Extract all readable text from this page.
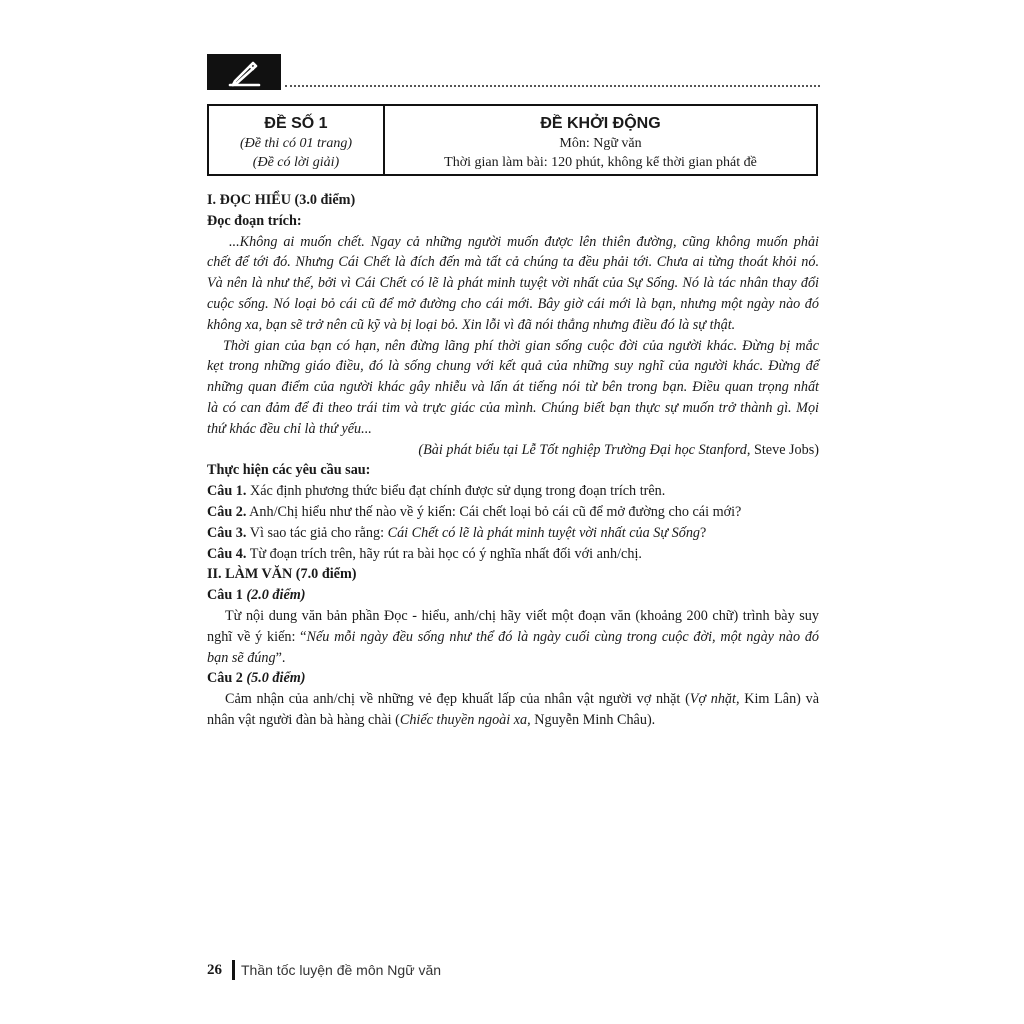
ĐỀ SỐ 1
(Đề thi có 01 trang)
(Đề có lời giải)
ĐỀ KHỞI ĐỘNG
Môn: Ngữ văn
Thời gian làm bài: 120 phút, không kể thời gian phát đề
I. ĐỌC HIỂU (3.0 điểm)
Đọc đoạn trích:
...Không ai muốn chết. Ngay cả những người muốn được lên thiên đường, cũng không muốn phải
chết để tới đó. Nhưng Cái Chết là đích đến mà tất cả chúng ta đều phải tới. Chưa ai từng thoát khỏi nó.
Và nên là như thế, bởi vì Cái Chết có lẽ là phát minh tuyệt vời nhất của Sự Sống. Nó là tác nhân thay đổi
cuộc sống. Nó loại bỏ cái cũ để mở đường cho cái mới. Bây giờ cái mới là bạn, nhưng một ngày nào đó
không xa, bạn sẽ trở nên cũ kỹ và bị loại bỏ. Xin lỗi vì đã nói thẳng nhưng điều đó là sự thật.
Thời gian của bạn có hạn, nên đừng lãng phí thời gian sống cuộc đời của người khác. Đừng bị mắc
kẹt trong những giáo điều, đó là sống chung với kết quả của những suy nghĩ của người khác. Đừng để
những quan điểm của người khác gây nhiễu và lấn át tiếng nói từ bên trong bạn. Điều quan trọng nhất
là có can đảm để đi theo trái tim và trực giác của mình. Chúng biết bạn thực sự muốn trở thành gì. Mọi
thứ khác đều chỉ là thứ yếu...
(Bài phát biểu tại Lễ Tốt nghiệp Trường Đại học Stanford, Steve Jobs)
Thực hiện các yêu cầu sau:
Câu 1. Xác định phương thức biểu đạt chính được sử dụng trong đoạn trích trên.
Câu 2. Anh/Chị hiểu như thế nào về ý kiến: Cái chết loại bỏ cái cũ để mở đường cho cái mới?
Câu 3. Vì sao tác giả cho rằng: Cái Chết có lẽ là phát minh tuyệt vời nhất của Sự Sống?
Câu 4. Từ đoạn trích trên, hãy rút ra bài học có ý nghĩa nhất đối với anh/chị.
II. LÀM VĂN (7.0 điểm)
Câu 1 (2.0 điểm)
Từ nội dung văn bản phần Đọc - hiểu, anh/chị hãy viết một đoạn văn (khoảng 200 chữ) trình bày suy
nghĩ về ý kiến: “Nếu mỗi ngày đều sống như thể đó là ngày cuối cùng trong cuộc đời, một ngày nào đó
bạn sẽ đúng”.
Câu 2 (5.0 điểm)
Cảm nhận của anh/chị về những vẻ đẹp khuất lấp của nhân vật người vợ nhặt (Vợ nhặt, Kim Lân) và
nhân vật người đàn bà hàng chài (Chiếc thuyền ngoài xa, Nguyễn Minh Châu).
26 Thần tốc luyện đề môn Ngữ văn
